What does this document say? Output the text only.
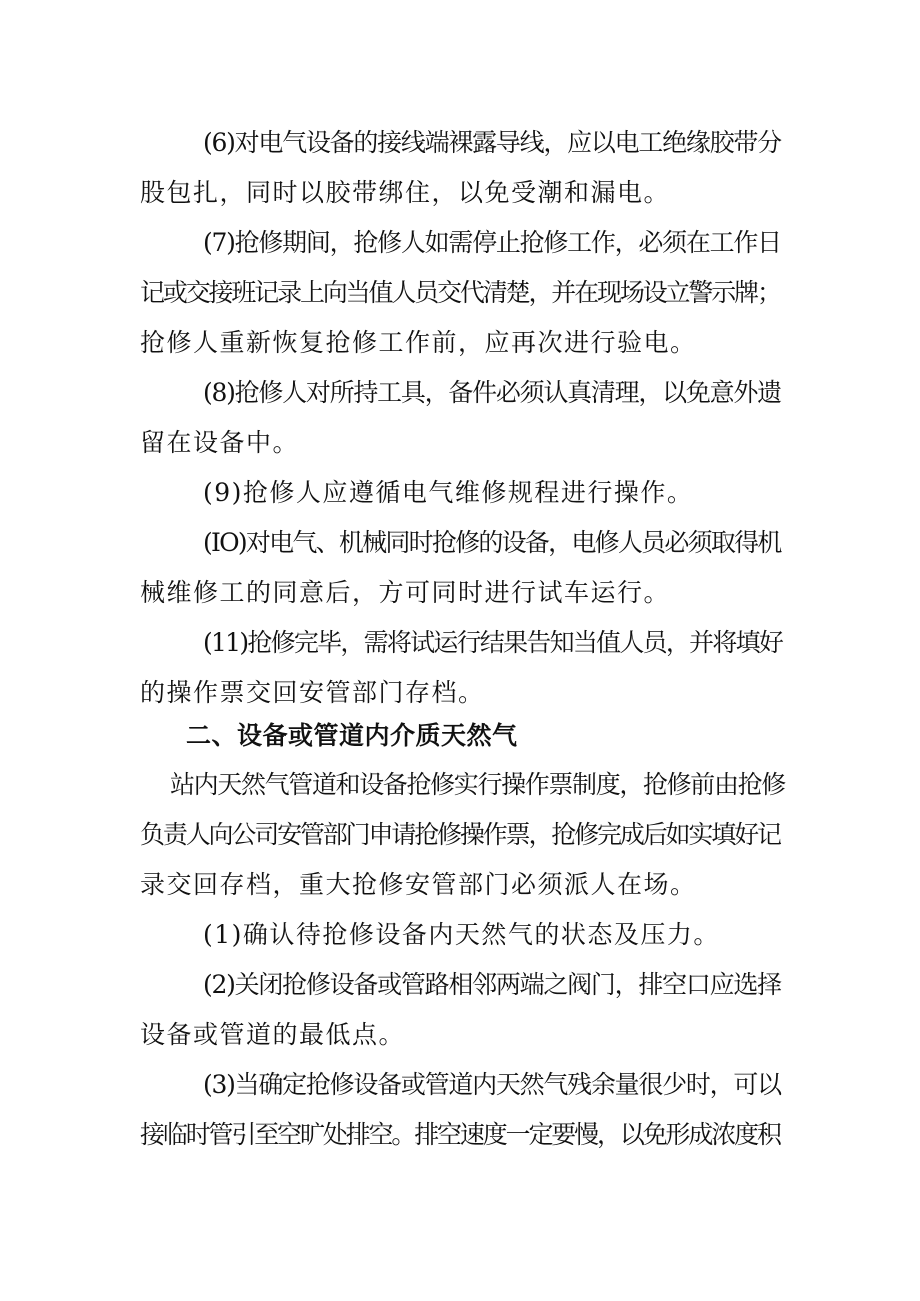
(6)对电气设备的接线端裸露导线，应以电工绝缘胶带分
股包扎，同时以胶带绑住，以免受潮和漏电。
(7)抢修期间，抢修人如需停止抢修工作，必须在工作日
记或交接班记录上向当值人员交代清楚，并在现场设立警示牌；
抢修人重新恢复抢修工作前，应再次进行验电。
(8)抢修人对所持工具，备件必须认真清理，以免意外遗
留在设备中。
(9)抢修人应遵循电气维修规程进行操作。
(IO)对电气、机械同时抢修的设备，电修人员必须取得机
械维修工的同意后，方可同时进行试车运行。
(11)抢修完毕，需将试运行结果告知当值人员，并将填好
的操作票交回安管部门存档。
二、设备或管道内介质天然气
站内天然气管道和设备抢修实行操作票制度，抢修前由抢修
负责人向公司安管部门申请抢修操作票，抢修完成后如实填好记
录交回存档，重大抢修安管部门必须派人在场。
(1)确认待抢修设备内天然气的状态及压力。
(2)关闭抢修设备或管路相邻两端之阀门，排空口应选择
设备或管道的最低点。
(3)当确定抢修设备或管道内天然气残余量很少时，可以
接临时管引至空旷处排空。排空速度一定要慢，以免形成浓度积
